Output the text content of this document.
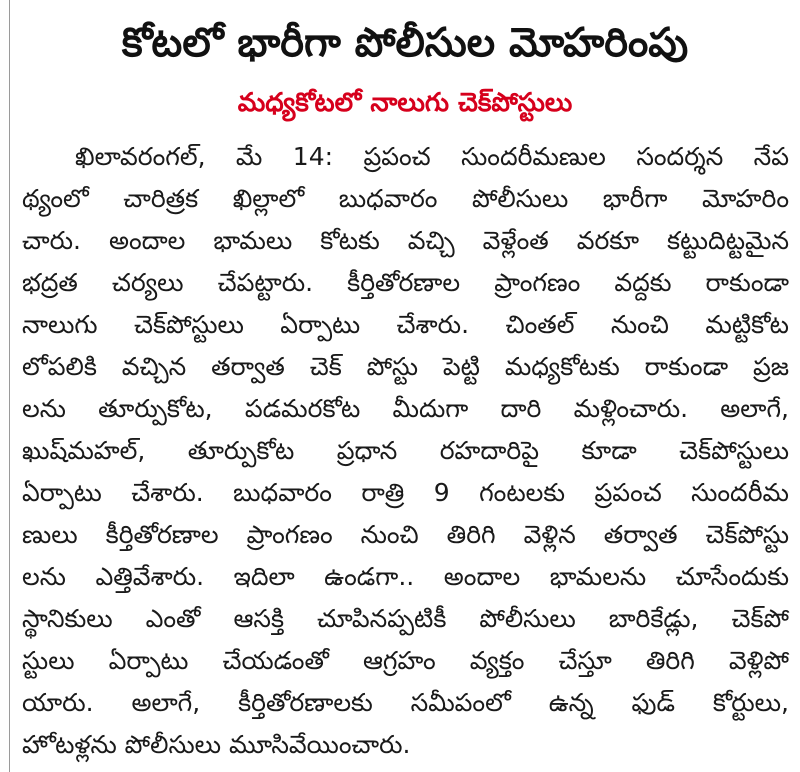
కోటలో భారీగా పోలీసుల మోహరింపు
మధ్యకోటలో నాలుగు చెక్‌పోస్టులు
ఖిలావరంగల్, మే 14: ప్రపంచ సుందరీమణుల సందర్శన నేప
థ్యంలో చారిత్రక ఖిల్లాలో బుధవారం పోలీసులు భారీగా మోహరిం
చారు. అందాల భామలు కోటకు వచ్చి వెళ్లేంత వరకూ కట్టుదిట్టమైన
భద్రత చర్యలు చేపట్టారు. కీర్తితోరణాల ప్రాంగణం వద్దకు రాకుండా
నాలుగు చెక్‌పోస్టులు ఏర్పాటు చేశారు. చింతల్ నుంచి మట్టికోట
లోపలికి వచ్చిన తర్వాత చెక్ పోస్టు పెట్టి మధ్యకోటకు రాకుండా ప్రజ
లను తూర్పుకోట, పడమరకోట మీదుగా దారి మళ్లించారు. అలాగే,
ఖుష్‌మహల్, తూర్పుకోట ప్రధాన రహదారిపై కూడా చెక్‌పోస్టులు
ఏర్పాటు చేశారు. బుధవారం రాత్రి 9 గంటలకు ప్రపంచ సుందరీమ
ణులు కీర్తితోరణాల ప్రాంగణం నుంచి తిరిగి వెళ్లిన తర్వాత చెక్‌పోస్టు
లను ఎత్తివేశారు. ఇదిలా ఉండగా.. అందాల భామలను చూసేందుకు
స్థానికులు ఎంతో ఆసక్తి చూపినప్పటికీ పోలీసులు బారికేడ్లు, చెక్‌పో
స్టులు ఏర్పాటు చేయడంతో ఆగ్రహం వ్యక్తం చేస్తూ తిరిగి వెళ్లిపో
యారు. అలాగే, కీర్తితోరణాలకు సమీపంలో ఉన్న ఫుడ్ కోర్టులు,
హోటళ్లను పోలీసులు మూసివేయించారు.
